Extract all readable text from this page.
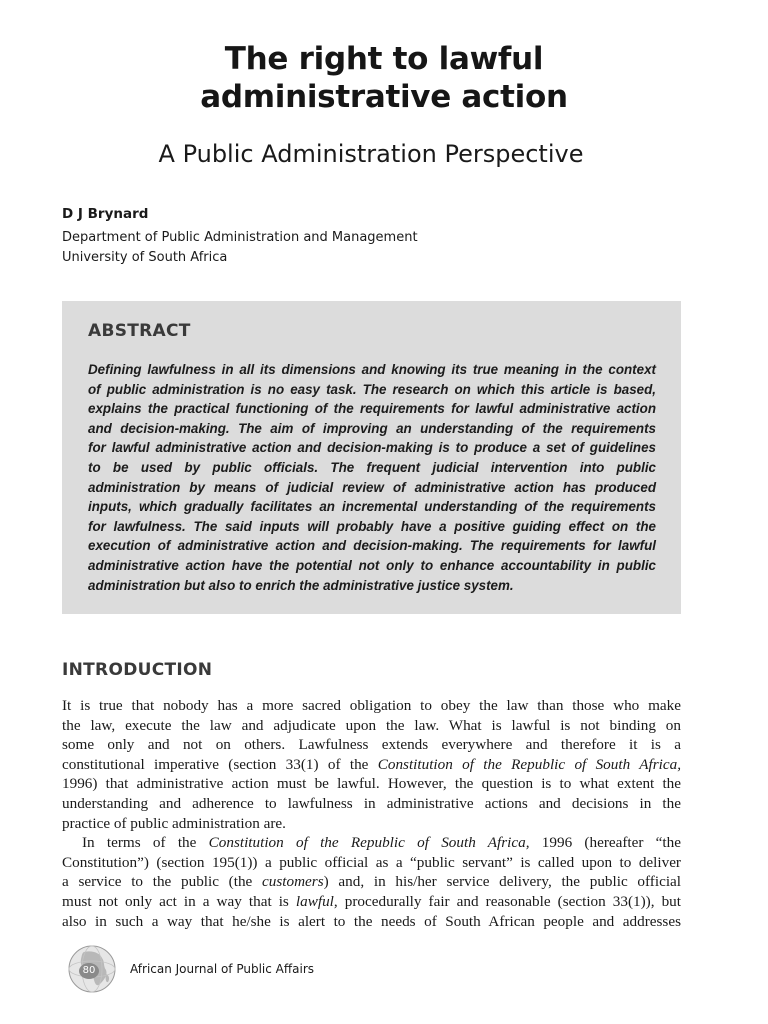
The right to lawful
administrative action
A Public Administration Perspective
D J Brynard
Department of Public Administration and Management
University of South Africa
ABSTRACT
Defining lawfulness in all its dimensions and knowing its true meaning in the context
of public administration is no easy task. The research on which this article is based,
explains the practical functioning of the requirements for lawful administrative action
and decision-making. The aim of improving an understanding of the requirements
for lawful administrative action and decision-making is to produce a set of guidelines
to be used by public officials. The frequent judicial intervention into public
administration by means of judicial review of administrative action has produced
inputs, which gradually facilitates an incremental understanding of the requirements
for lawfulness. The said inputs will probably have a positive guiding effect on the
execution of administrative action and decision-making. The requirements for lawful
administrative action have the potential not only to enhance accountability in public
administration but also to enrich the administrative justice system.
INTRODUCTION
It is true that nobody has a more sacred obligation to obey the law than those who make
the law, execute the law and adjudicate upon the law. What is lawful is not binding on
some only and not on others. Lawfulness extends everywhere and therefore it is a
constitutional imperative (section 33(1) of the Constitution of the Republic of South Africa,
1996) that administrative action must be lawful. However, the question is to what extent the
understanding and adherence to lawfulness in administrative actions and decisions in the
practice of public administration are.
In terms of the Constitution of the Republic of South Africa, 1996 (hereafter “the
Constitution”) (section 195(1)) a public official as a “public servant” is called upon to deliver
a service to the public (the customers) and, in his/her service delivery, the public official
must not only act in a way that is lawful, procedurally fair and reasonable (section 33(1)), but
also in such a way that he/she is alert to the needs of South African people and addresses
80	African Journal of Public Affairs
